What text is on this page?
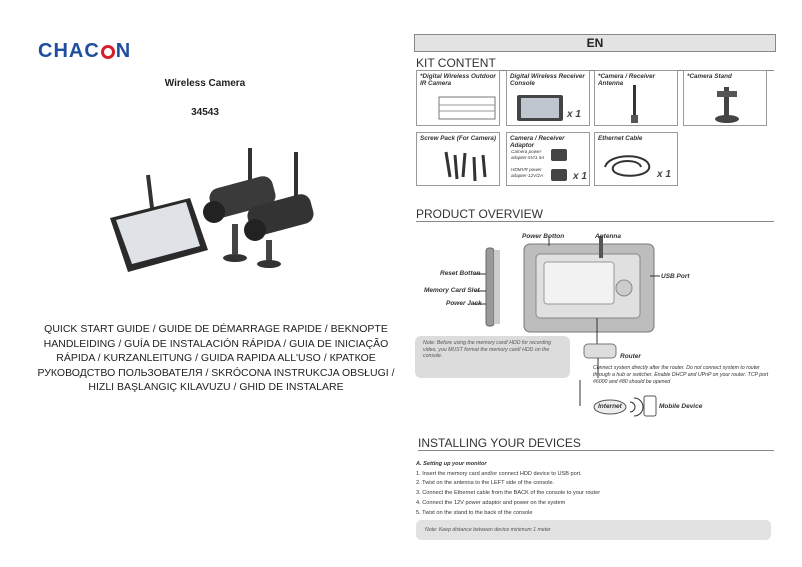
CHAC N
Wireless Camera
34543
QUICK START GUIDE / GUIDE DE DÉMARRAGE RAPIDE / BEKNOPTE
HANDLEIDING / GUÍA DE INSTALACIÓN RÁPIDA / GUIA DE INICIAÇÃO
RÁPIDA / KURZANLEITUNG / GUIDA RAPIDA ALL'USO / КРАТКОЕ
РУКОВОДСТВО ПОЛЬЗОВАТЕЛЯ / SKRÓCONA INSTRUKCJA OBSŁUGI /
HIZLI BAŞLANGIÇ KILAVUZU / GHID DE INSTALARE
EN
KIT CONTENT
*Digital Wireless Outdoor IR Camera
Digital Wireless Receiver Console
x 1
*Camera / Receiver Antenna
*Camera Stand
Screw Pack (For Camera) Camera / Receiver Adaptor
Camera power adapter-5V/1.5A
HDMVR power adapter-12V/2A	x 1
Ethernet Cable
x 1
PRODUCT OVERVIEW
Power Botton	Antenna
Reset Botton
Memory Card Slot
Power Jack
USB Port
Note: Before using the memory card/ HDD for recording video, you MUST format the memory card/ HDD on the console.	Router
Connect system directly after the router. Do not connect system to router through a hub or switcher. Enable DHCP and UPnP on your router. TCP port #6000 and #80 should be opened
Internet	Mobile Device
INSTALLING YOUR DEVICES
A. Setting up your monitor
1. Insert the memory card and/or connect HDD device to USB port.
2. Twist on the antenna to the LEFT side of the console.
3. Connect the Ethernet cable from the BACK of the console to your router
4. Connect the 12V power adaptor and power on the system
5. Twist on the stand to the back of the console
Note: Keep distance between device minimum 1 meter
